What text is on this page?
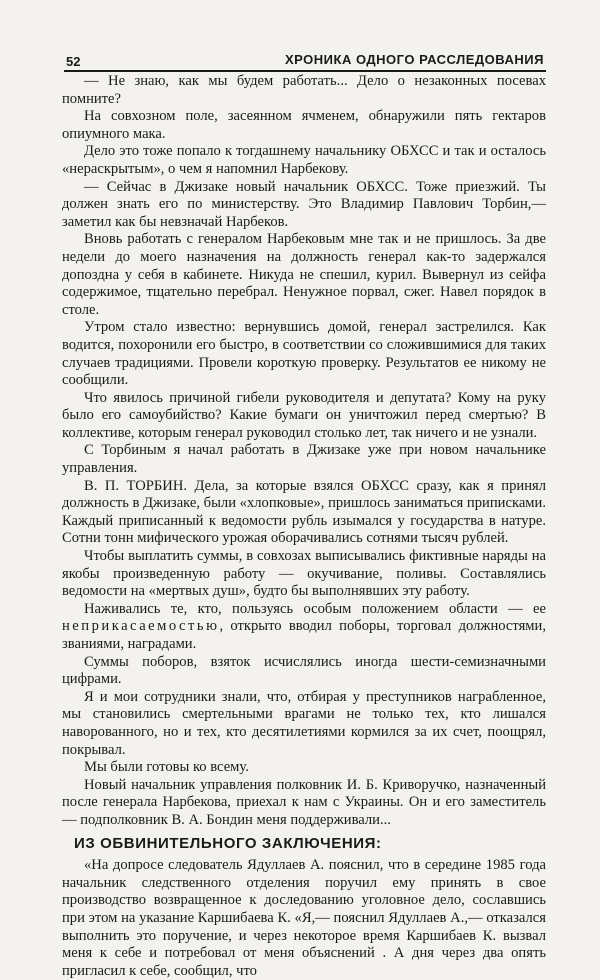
52	ХРОНИКА ОДНОГО РАССЛЕДОВАНИЯ

— Не знаю, как мы будем работать... Дело о незаконных посевах помните?

На совхозном поле, засеянном ячменем, обнаружили пять гектаров опиумного мака.

Дело это тоже попало к тогдашнему начальнику ОБХСС и так и осталось «нераскрытым», о чем я напомнил Нарбекову.

— Сейчас в Джизаке новый начальник ОБХСС. Тоже приезжий. Ты должен знать его по министерству. Это Владимир Павлович Торбин,— заметил как бы невзначай Нарбеков.

Вновь работать с генералом Нарбековым мне так и не пришлось. За две недели до моего назначения на должность генерал как-то задержался допоздна у себя в кабинете. Никуда не спешил, курил. Вывернул из сейфа содержимое, тщательно перебрал. Ненужное порвал, сжег. Навел порядок в столе.

Утром стало известно: вернувшись домой, генерал застрелился. Как водится, похоронили его быстро, в соответствии со сложившимися для таких случаев традициями. Провели короткую проверку. Результатов ее никому не сообщили.

Что явилось причиной гибели руководителя и депутата? Кому на руку было его самоубийство? Какие бумаги он уничтожил перед смертью? В коллективе, которым генерал руководил столько лет, так ничего и не узнали.

С Торбиным я начал работать в Джизаке уже при новом начальнике управления.

В. П. ТОРБИН. Дела, за которые взялся ОБХСС сразу, как я принял должность в Джизаке, были «хлопковые», пришлось заниматься приписками. Каждый приписанный к ведомости рубль изымался у государства в натуре. Сотни тонн мифического урожая оборачивались сотнями тысяч рублей.

Чтобы выплатить суммы, в совхозах выписывались фиктивные наряды на якобы произведенную работу — окучивание, поливы. Составлялись ведомости на «мертвых душ», будто бы выполнявших эту работу.

Наживались те, кто, пользуясь особым положением области — ее неприкасаемостью, открыто вводил поборы, торговал должностями, званиями, наградами.

Суммы поборов, взяток исчислялись иногда шести-семизначными цифрами.

Я и мои сотрудники знали, что, отбирая у преступников награбленное, мы становились смертельными врагами не только тех, кто лишался наворованного, но и тех, кто десятилетиями кормился за их счет, поощрял, покрывал.

Мы были готовы ко всему.

Новый начальник управления полковник И. Б. Криворучко, назначенный после генерала Нарбекова, приехал к нам с Украины. Он и его заместитель — подполковник В. А. Бондин меня поддерживали...

ИЗ ОБВИНИТЕЛЬНОГО ЗАКЛЮЧЕНИЯ:

«На допросе следователь Ядуллаев А. пояснил, что в середине 1985 года начальник следственного отделения поручил ему принять в свое производство возвращенное к доследованию уголовное дело, сославшись при этом на указание Каршибаева К. «Я,— пояснил Ядуллаев А.,— отказался выполнить это поручение, и через некоторое время Каршибаев К. вызвал меня к себе и потребовал от меня объяснений . А дня через два опять пригласил к себе, сообщил, что
